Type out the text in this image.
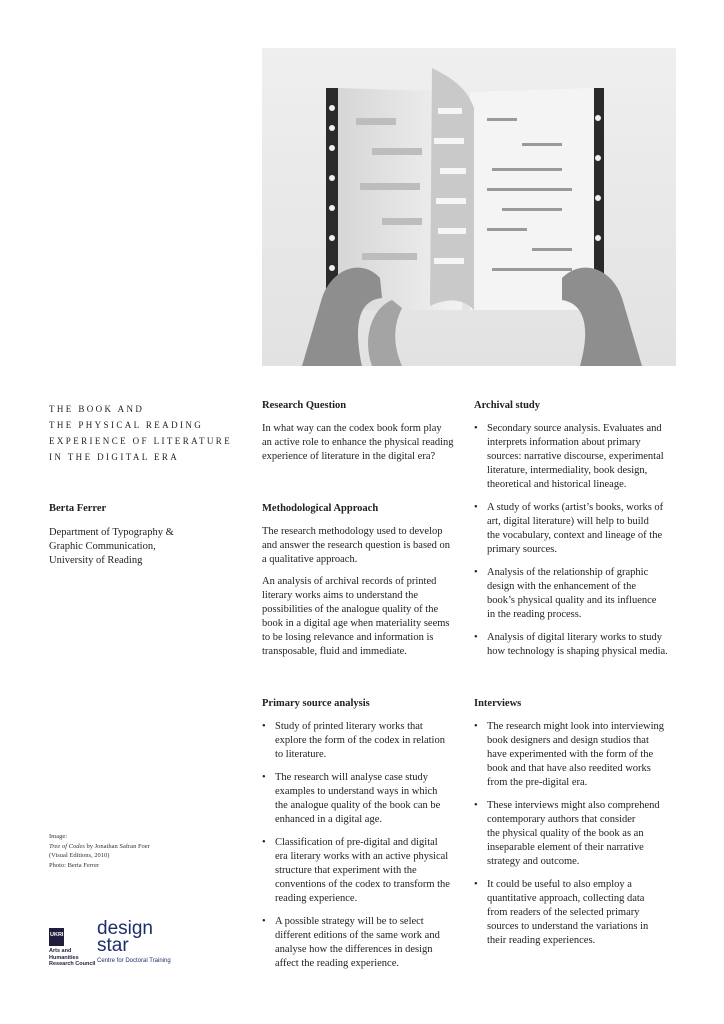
THE BOOK AND
THE PHYSICAL READING
EXPERIENCE OF LITERATURE
IN THE DIGITAL ERA
Berta Ferrer
Department of Typography &
Graphic Communication,
University of Reading
Research Question
In what way can the codex book form play
an active role to enhance the physical reading
experience of literature in the digital era?
Methodological Approach
The research methodology used to develop
and answer the research question is based on
a qualitative approach.
An analysis of archival records of printed
literary works aims to understand the
possibilities of the analogue quality of the
book in a digital age when materiality seems
to be losing relevance and information is
transposable, fluid and immediate.
Archival study
• Secondary source analysis. Evaluates and
interprets information about primary
sources: narrative discourse, experimental
literature, intermediality, book design,
theoretical and historical lineage.
• A study of works (artist’s books, works of
art, digital literature) will help to build
the vocabulary, context and lineage of the
primary sources.
• Analysis of the relationship of graphic
design with the enhancement of the
book’s physical quality and its influence
in the reading process.
• Analysis of digital literary works to study
how technology is shaping physical media.
Primary source analysis
• Study of printed literary works that
explore the form of the codex in relation
to literature.
• The research will analyse case study
examples to understand ways in which
the analogue quality of the book can be
enhanced in a digital age.
• Classification of pre-digital and digital
era literary works with an active physical
structure that experiment with the
conventions of the codex to transform the
reading experience.
• A possible strategy will be to select
different editions of the same work and
analyse how the differences in design
affect the reading experience.
Interviews
• The research might look into interviewing
book designers and design studios that
have experimented with the form of the
book and that have also reedited works
from the pre-digital era.
• These interviews might also comprehend
contemporary authors that consider
the physical quality of the book as an
inseparable element of their narrative
strategy and outcome.
• It could be useful to also employ a
quantitative approach, collecting data
from readers of the selected primary
sources to understand the variations in
their reading experiences.
Image:
Tree of Codes by Jonathan Safran Foer
(Visual Editions, 2010)
Photo: Berta Ferrer
UKRI
Arts and
Humanities
Research Council
design
star
Centre for Doctoral Training
